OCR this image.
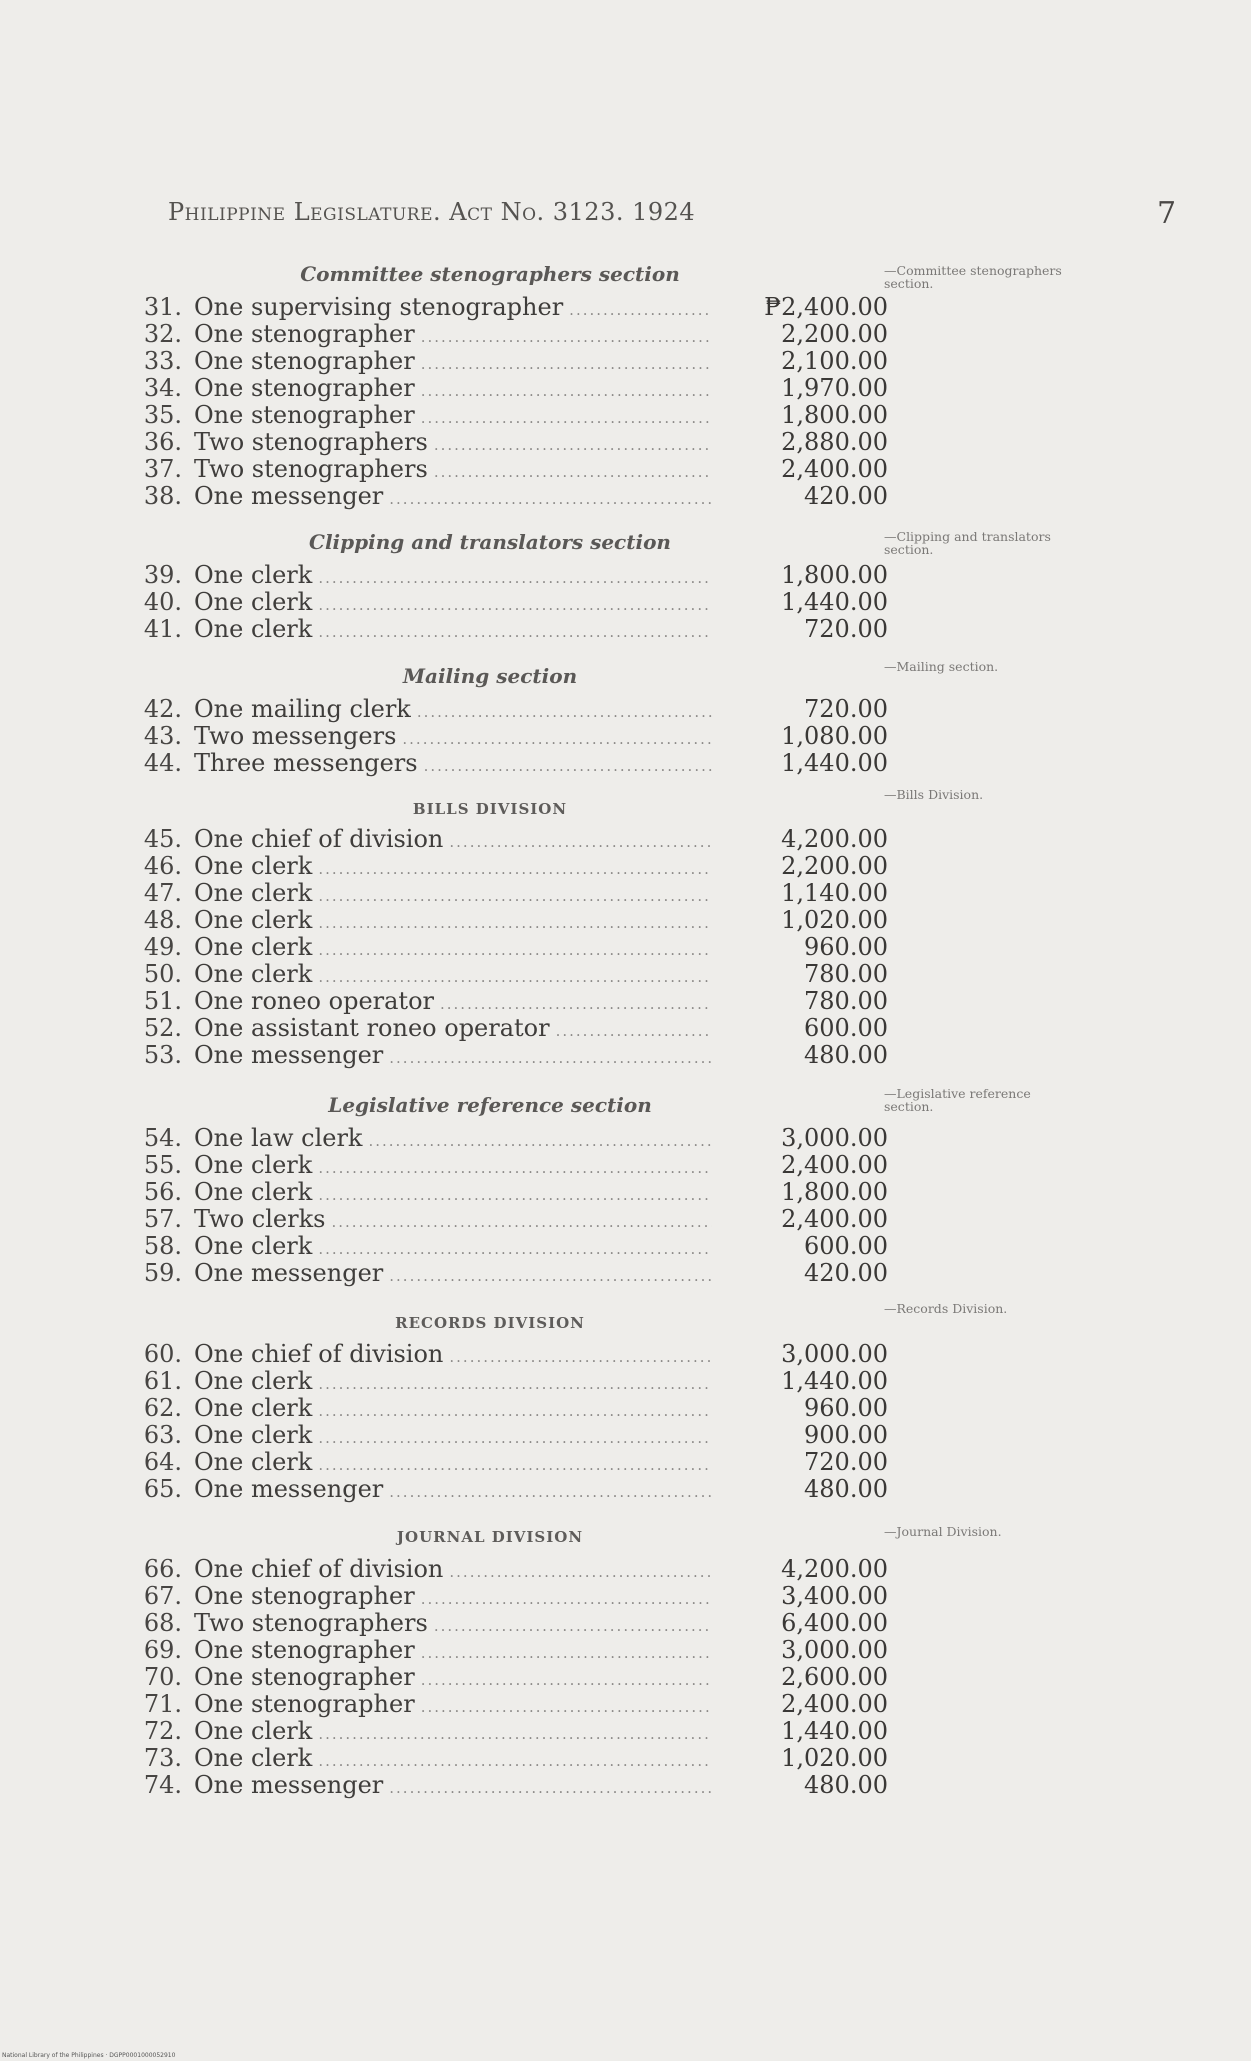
Philippine Legislature. Act No. 3123. 1924	7
Committee stenographers section	—Committee stenographers section.
31. One supervising stenographer .....	₱2,400.00
32. One stenographer .....	2,200.00
33. One stenographer .....	2,100.00
34. One stenographer .....	1,970.00
35. One stenographer .....	1,800.00
36. Two stenographers .....	2,880.00
37. Two stenographers .....	2,400.00
38. One messenger .....	420.00
Clipping and translators section	—Clipping and translators section.
39. One clerk .....	1,800.00
40. One clerk .....	1,440.00
41. One clerk .....	720.00
Mailing section	—Mailing section.
42. One mailing clerk .....	720.00
43. Two messengers .....	1,080.00
44. Three messengers .....	1,440.00
BILLS DIVISION
—Bills Division.
45. One chief of division .....	4,200.00
46. One clerk .....	2,200.00
47. One clerk .....	1,140.00
48. One clerk .....	1,020.00
49. One clerk .....	960.00
50. One clerk .....	780.00
51. One roneo operator .....	780.00
52. One assistant roneo operator .....	600.00
53. One messenger .....	480.00
Legislative reference section	—Legislative reference section.
54. One law clerk .....	3,000.00
55. One clerk .....	2,400.00
56. One clerk .....	1,800.00
57. Two clerks .....	2,400.00
58. One clerk .....	600.00
59. One messenger .....	420.00
RECORDS DIVISION
—Records Division.
60. One chief of division .....	3,000.00
61. One clerk .....	1,440.00
62. One clerk .....	960.00
63. One clerk .....	900.00
64. One clerk .....	720.00
65. One messenger .....	480.00
JOURNAL DIVISION	—Journal Division.
66. One chief of division .....	4,200.00
67. One stenographer .....	3,400.00
68. Two stenographers .....	6,400.00
69. One stenographer .....	3,000.00
70. One stenographer .....	2,600.00
71. One stenographer .....	2,400.00
72. One clerk .....	1,440.00
73. One clerk .....	1,020.00
74. One messenger .....	480.00
National Library of the Philippines · DGPP0001000052910
